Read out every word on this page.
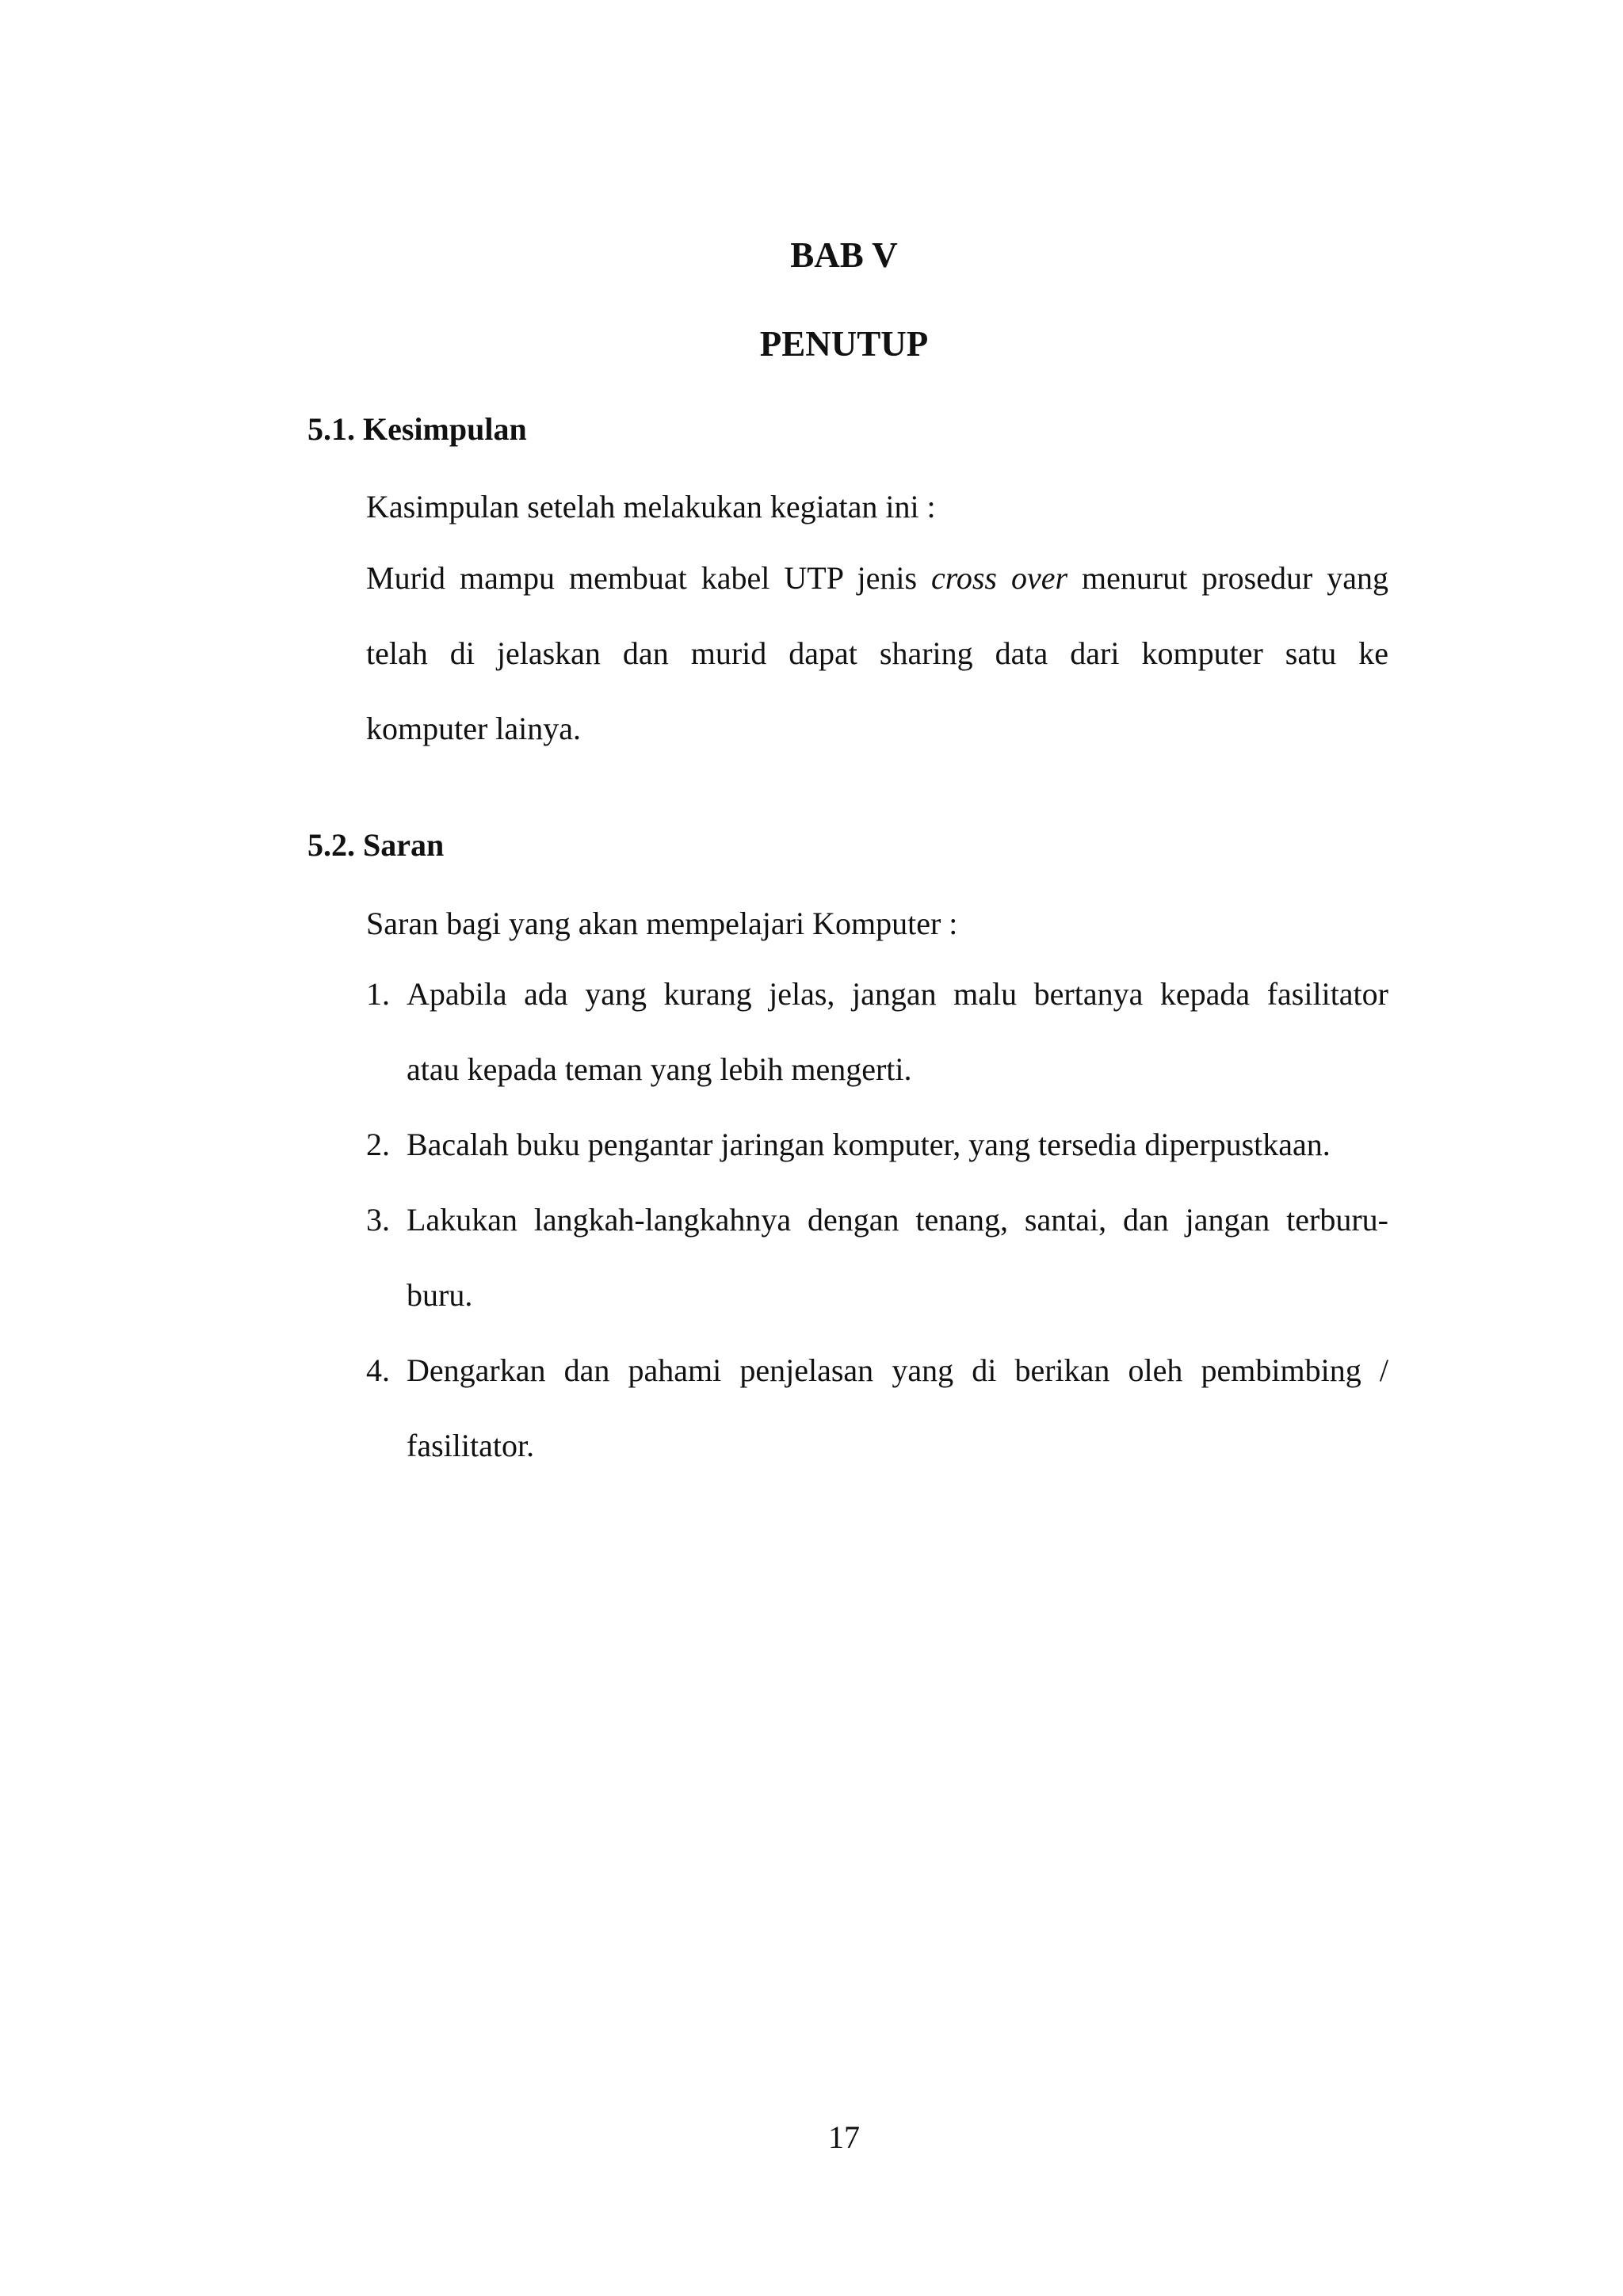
BAB V
PENUTUP
5.1. Kesimpulan
Kasimpulan setelah melakukan kegiatan ini :
Murid mampu membuat kabel UTP jenis cross over menurut prosedur yang
telah di jelaskan dan murid dapat sharing data dari komputer satu ke
komputer lainya.
5.2. Saran
Saran bagi yang akan mempelajari Komputer :
1. Apabila ada yang kurang jelas, jangan malu bertanya kepada fasilitator
atau kepada teman yang lebih mengerti.
2. Bacalah buku pengantar jaringan komputer, yang tersedia diperpustkaan.
3. Lakukan langkah-langkahnya dengan tenang, santai, dan jangan terburu-
buru.
4. Dengarkan dan pahami penjelasan yang di berikan oleh pembimbing /
fasilitator.
17
